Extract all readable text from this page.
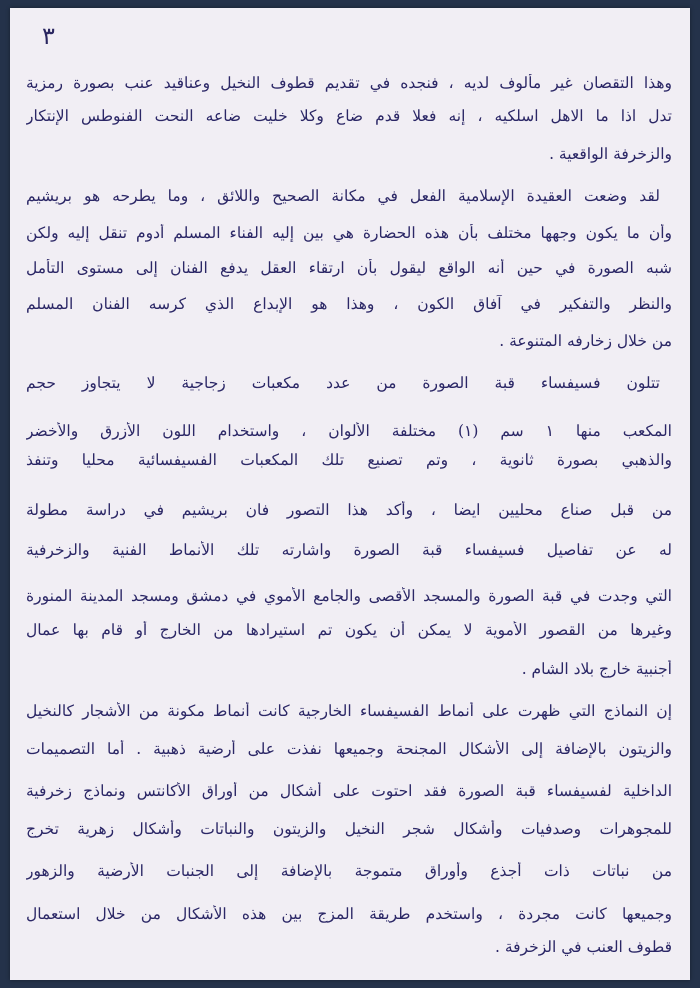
٣
وهذا التقصان غير مألوف لديه ، فنجده في تقديم قطوف النخيل وعناقيد عنب بصورة رمزية
تدل اذا ما الاهل اسلكيه ، إنه فعلا قدم ضاع وكلا خليت ضاعه النحت الفنوطس الإنتكار
والزخرفة الواقعية .
لقد وضعت العقيدة الإسلامية الفعل في مكانة الصحيح واللائق ، وما يطرحه هو بريشيم
وأن ما يكون وجهها مختلف بأن هذه الحضارة هي بين إليه الفناء المسلم أدوم تنقل إليه ولكن
شبه الصورة في حين أنه الواقع ليقول بأن ارتقاء العقل يدفع الفنان إلى مستوى التأمل
والنظر والتفكير في آفاق الكون ، وهذا هو الإبداع الذي كرسه الفنان المسلم
من خلال زخارفه المتنوعة .
تتلون فسيفساء قبة الصورة من عدد مكعبات زجاجية لا يتجاوز حجم
المكعب منها ١ سم (١) مختلفة الألوان ، واستخدام اللون الأزرق والأخضر
والذهبي بصورة ثانوية ، وتم تصنيع تلك المكعبات الفسيفسائية محليا وتنفذ
من قبل صناع محليين ايضا ، وأكد هذا التصور فان بريشيم في دراسة مطولة
له عن تفاصيل فسيفساء قبة الصورة واشارته تلك الأنماط الفنية والزخرفية
التي وجدت في قبة الصورة والمسجد الأقصى والجامع الأموي في دمشق ومسجد المدينة المنورة
وغيرها من القصور الأموية لا يمكن أن يكون تم استيرادها من الخارج أو قام بها عمال
أجنبية خارج بلاد الشام .
إن النماذج التي ظهرت على أنماط الفسيفساء الخارجية كانت أنماط مكونة من الأشجار كالنخيل
والزيتون بالإضافة إلى الأشكال المجنحة وجميعها نفذت على أرضية ذهبية . أما التصميمات
الداخلية لفسيفساء قبة الصورة فقد احتوت على أشكال من أوراق الأكانتس ونماذج زخرفية
للمجوهرات وصدفيات وأشكال شجر النخيل والزيتون والنباتات وأشكال زهرية تخرج
من نباتات ذات أجذع وأوراق متموجة بالإضافة إلى الجنبات الأرضية والزهور
وجميعها كانت مجردة ، واستخدم طريقة المزج بين هذه الأشكال من خلال استعمال
قطوف العنب في الزخرفة .
